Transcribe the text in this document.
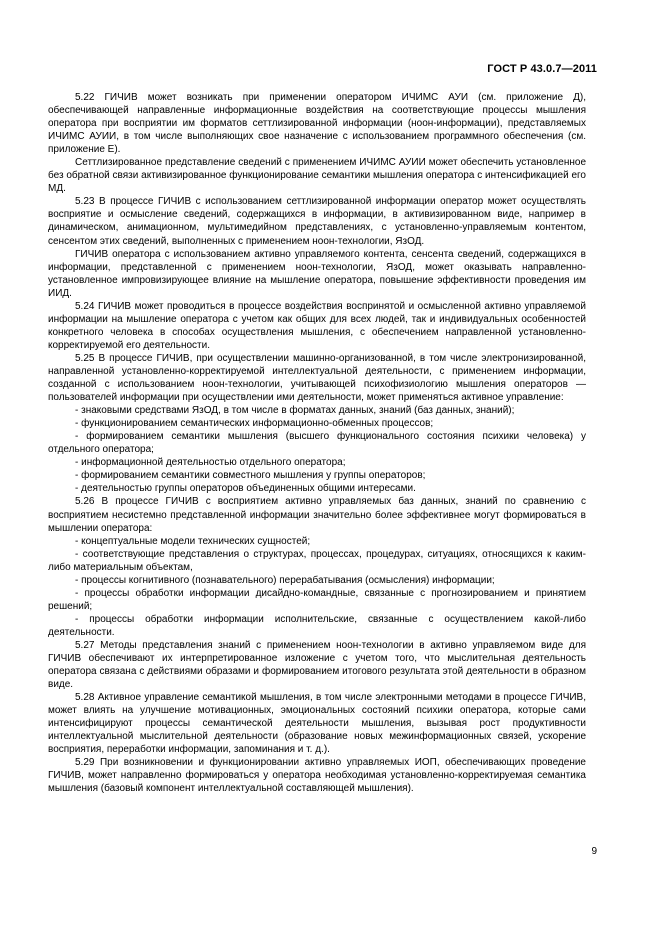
ГОСТ Р 43.0.7—2011

5.22 ГИЧИВ может возникать при применении оператором ИЧИМС АУИ (см. приложение Д), обеспечивающей направленные информационные воздействия на соответствующие процессы мышления оператора при восприятии им форматов сеттлизированной информации (ноон-информации), представляемых ИЧИМС АУИИ, в том числе выполняющих свое назначение с использованием программного обеспечения (см. приложение Е).

Сеттлизированное представление сведений с применением ИЧИМС АУИИ может обеспечить установленное без обратной связи активизированное функционирование семантики мышления оператора с интенсификацией его МД.

5.23 В процессе ГИЧИВ с использованием сеттлизированной информации оператор может осуществлять восприятие и осмысление сведений, содержащихся в информации, в активизированном виде, например в динамическом, анимационном, мультимедийном представлениях, с установленно-управляемым контентом, сенсентом этих сведений, выполненных с применением ноон-технологии, ЯзОД.

ГИЧИВ оператора с использованием активно управляемого контента, сенсента сведений, содержащихся в информации, представленной с применением ноон-технологии, ЯзОД, может оказывать направленно-установленное импровизирующее влияние на мышление оператора, повышение эффективности проведения им ИИД.

5.24 ГИЧИВ может проводиться в процессе воздействия воспринятой и осмысленной активно управляемой информации на мышление оператора с учетом как общих для всех людей, так и индивидуальных особенностей конкретного человека в способах осуществления мышления, с обеспечением направленной установленно-корректируемой его деятельности.

5.25 В процессе ГИЧИВ, при осуществлении машинно-организованной, в том числе электронизированной, направленной установленно-корректируемой интеллектуальной деятельности, с применением информации, созданной с использованием ноон-технологии, учитывающей психофизиологию мышления операторов — пользователей информации при осуществлении ими деятельности, может применяться активное управление:

- знаковыми средствами ЯзОД, в том числе в форматах данных, знаний (баз данных, знаний);

- функционированием семантических информационно-обменных процессов;

- формированием семантики мышления (высшего функционального состояния психики человека) у отдельного оператора;

- информационной деятельностью отдельного оператора;

- формированием семантики совместного мышления у группы операторов;

- деятельностью группы операторов объединенных общими интересами.

5.26 В процессе ГИЧИВ с восприятием активно управляемых баз данных, знаний по сравнению с восприятием несистемно представленной информации значительно более эффективнее могут формироваться в мышлении оператора:

- концептуальные модели технических сущностей;

- соответствующие представления о структурах, процессах, процедурах, ситуациях, относящихся к каким-либо материальным объектам,

- процессы когнитивного (познавательного) перерабатывания (осмысления) информации;

- процессы обработки информации дисайдно-командные, связанные с прогнозированием и принятием решений;

- процессы обработки информации исполнительские, связанные с осуществлением какой-либо деятельности.

5.27 Методы представления знаний с применением ноон-технологии в активно управляемом виде для ГИЧИВ обеспечивают их интерпретированное изложение с учетом того, что мыслительная деятельность оператора связана с действиями образами и формированием итогового результата этой деятельности в образном виде.

5.28 Активное управление семантикой мышления, в том числе электронными методами в процессе ГИЧИВ, может влиять на улучшение мотивационных, эмоциональных состояний психики оператора, которые сами интенсифицируют процессы семантической деятельности мышления, вызывая рост продуктивности интеллектуальной мыслительной деятельности (образование новых межинформационных связей, ускорение восприятия, переработки информации, запоминания и т. д.).

5.29 При возникновении и функционировании активно управляемых ИОП, обеспечивающих проведение ГИЧИВ, может направленно формироваться у оператора необходимая установленно-корректируемая семантика мышления (базовый компонент интеллектуальной составляющей мышления).

9
